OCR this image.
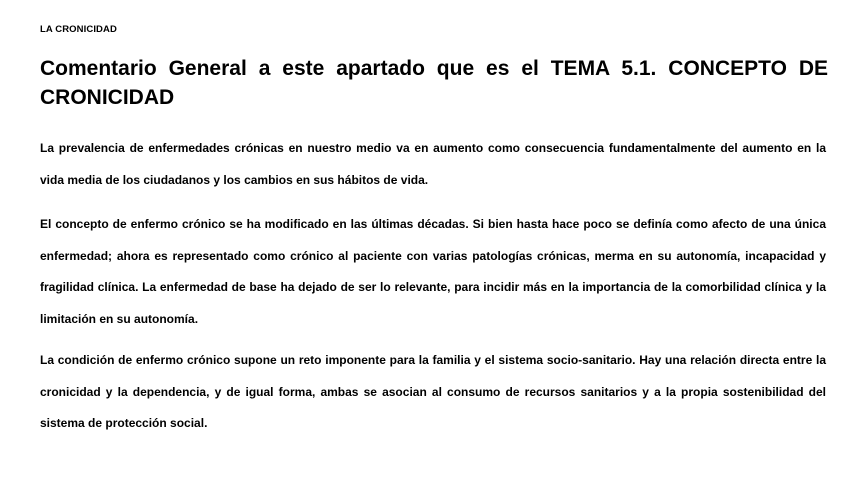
LA CRONICIDAD
Comentario General a este apartado que es el TEMA 5.1. CONCEPTO DE CRONICIDAD

La prevalencia de enfermedades crónicas en nuestro medio va en aumento como consecuencia fundamentalmente del aumento en la vida media de los ciudadanos y los cambios en sus hábitos de vida.

El concepto de enfermo crónico se ha modificado en las últimas décadas. Si bien hasta hace poco se definía como afecto de una única enfermedad; ahora es representado como crónico al paciente con varias patologías crónicas, merma en su autonomía, incapacidad y fragilidad clínica. La enfermedad de base ha dejado de ser lo relevante, para incidir más en la importancia de la comorbilidad clínica y la limitación en su autonomía.

La condición de enfermo crónico supone un reto imponente para la familia y el sistema socio-sanitario. Hay una relación directa entre la cronicidad y la dependencia, y de igual forma, ambas se asocian al consumo de recursos sanitarios y a la propia sostenibilidad del sistema de protección social.
